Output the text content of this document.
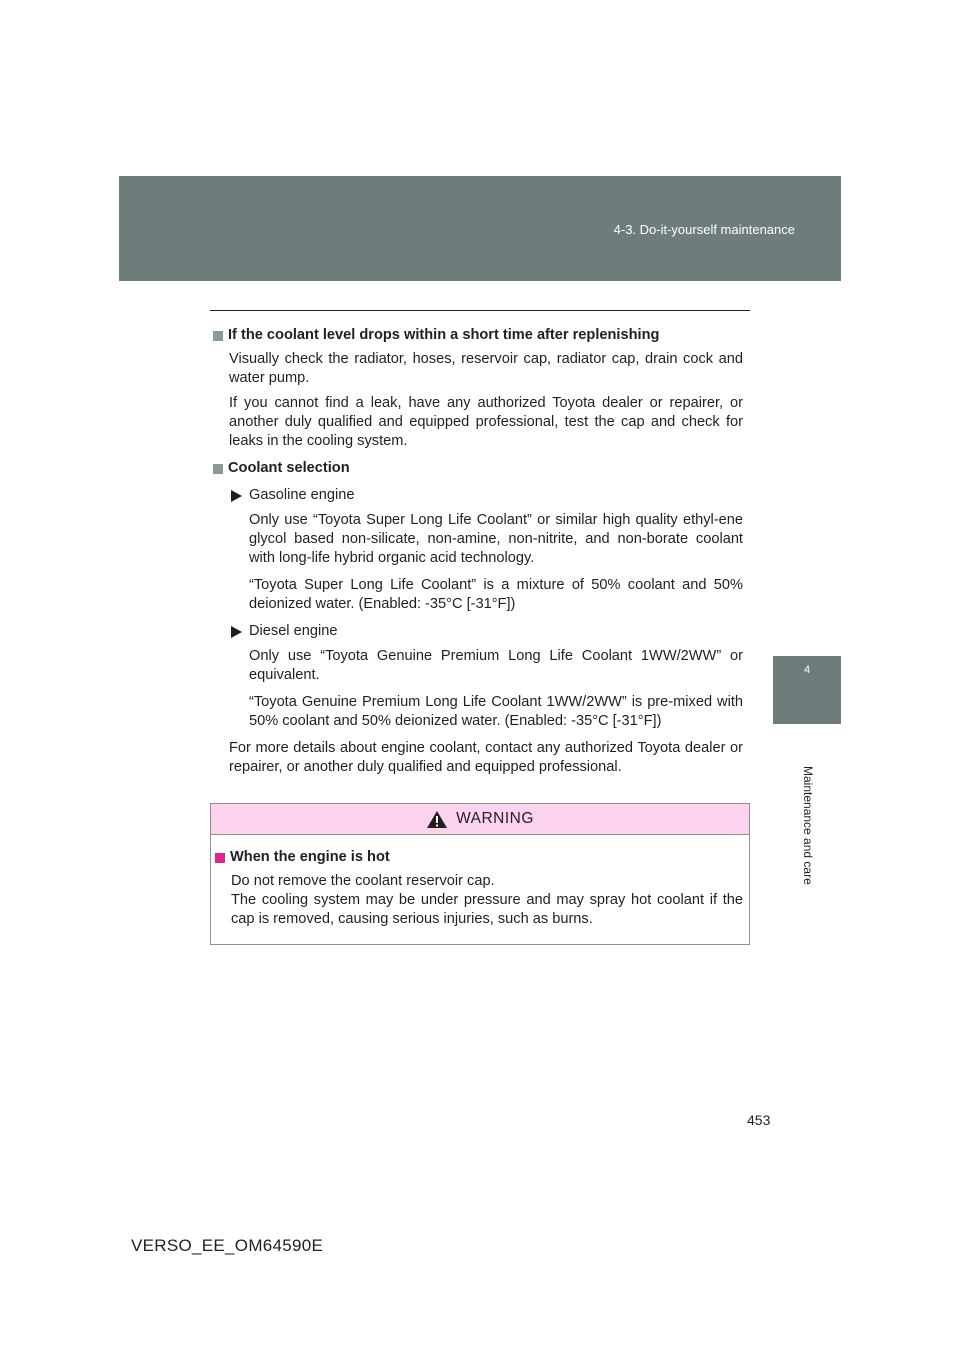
4-3. Do-it-yourself maintenance
4
Maintenance and care
If the coolant level drops within a short time after replenishing
Visually check the radiator, hoses, reservoir cap, radiator cap, drain cock and water pump.
If you cannot find a leak, have any authorized Toyota dealer or repairer, or another duly qualified and equipped professional, test the cap and check for leaks in the cooling system.
Coolant selection
Gasoline engine
Only use “Toyota Super Long Life Coolant” or similar high quality ethyl-ene glycol based non-silicate, non-amine, non-nitrite, and non-borate coolant with long-life hybrid organic acid technology.
“Toyota Super Long Life Coolant” is a mixture of 50% coolant and 50% deionized water. (Enabled: -35°C [-31°F])
Diesel engine
Only use “Toyota Genuine Premium Long Life Coolant 1WW/2WW” or equivalent.
“Toyota Genuine Premium Long Life Coolant 1WW/2WW” is pre-mixed with 50% coolant and 50% deionized water. (Enabled: -35°C [-31°F])
For more details about engine coolant, contact any authorized Toyota dealer or repairer, or another duly qualified and equipped professional.
WARNING
When the engine is hot
Do not remove the coolant reservoir cap.
The cooling system may be under pressure and may spray hot coolant if the cap is removed, causing serious injuries, such as burns.
453
VERSO_EE_OM64590E
